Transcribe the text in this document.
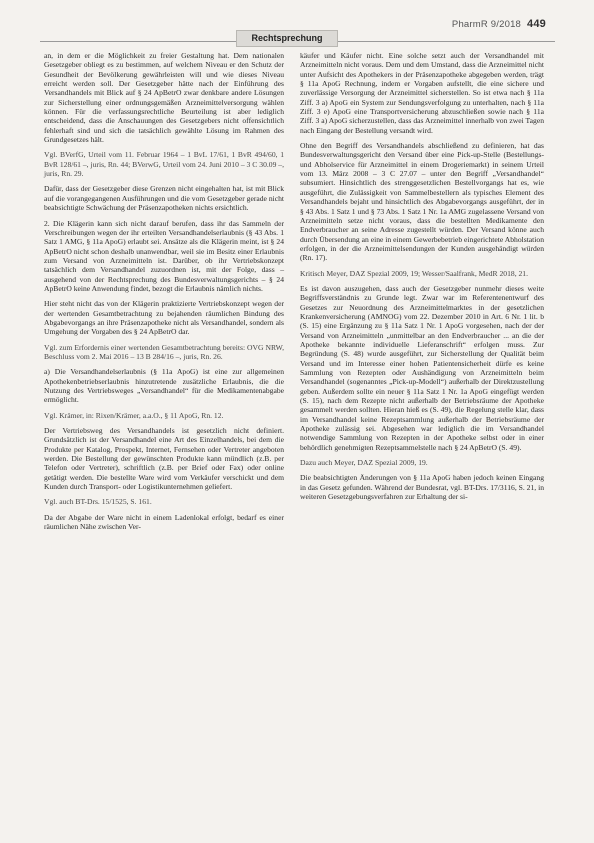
PharmR 9/2018 449
Rechtsprechung

an, in dem er die Möglichkeit zu freier Gestaltung hat. Dem nationalen Gesetzgeber obliegt es zu bestimmen, auf welchem Niveau er den Schutz der Gesundheit der Bevölkerung gewährleisten will und wie dieses Niveau erreicht werden soll. Der Gesetzgeber hätte nach der Einführung des Versandhandels mit Blick auf § 24 ApBetrO zwar denkbare andere Lösungen zur Sicherstellung einer ordnungsgemäßen Arzneimittelversorgung wählen können. Für die verfassungsrechtliche Beurteilung ist aber lediglich entscheidend, dass die Anschauungen des Gesetzgebers nicht offensichtlich fehlerhaft sind und sich die tatsächlich gewählte Lösung im Rahmen des Grundgesetzes hält.

Vgl. BVerfG, Urteil vom 11. Februar 1964 – 1 BvL 17/61, 1 BvR 494/60, 1 BvR 128/61 –, juris, Rn. 44; BVerwG, Urteil vom 24. Juni 2010 – 3 C 30.09 –, juris, Rn. 29.

Dafür, dass der Gesetzgeber diese Grenzen nicht eingehalten hat, ist mit Blick auf die vorangegangenen Ausführungen und die vom Gesetzgeber gerade nicht beabsichtigte Schwächung der Präsenzapotheken nichts ersichtlich.

2. Die Klägerin kann sich nicht darauf berufen, dass ihr das Sammeln der Verschreibungen wegen der ihr erteilten Versandhandelserlaubnis (§ 43 Abs. 1 Satz 1 AMG, § 11a ApoG) erlaubt sei. Ansätze als die Klägerin meint, ist § 24 ApBetrO nicht schon deshalb unanwendbar, weil sie im Besitz einer Erlaubnis zum Versand von Arzneimitteln ist. Darüber, ob ihr Vertriebskonzept tatsächlich dem Versandhandel zuzuordnen ist, mit der Folge, dass – ausgehend von der Rechtsprechung des Bundesverwaltungsgerichts – § 24 ApBetrO keine Anwendung findet, bezogt die Erlaubnis nämlich nichts.

Hier steht nicht das von der Klägerin praktizierte Vertriebskonzept wegen der der wertenden Gesamtbetrachtung zu bejahenden räumlichen Bindung des Abgabevorgangs an ihre Präsenzapotheke nicht als Versandhandel, sondern als Umgehung der Vorgaben des § 24 ApBetrO dar.

Vgl. zum Erfordernis einer wertenden Gesamtbetrachtung bereits: OVG NRW, Beschluss vom 2. Mai 2016 – 13 B 284/16 –, juris, Rn. 26.

a) Die Versandhandelserlaubnis (§ 11a ApoG) ist eine zur allgemeinen Apothekenbetriebserlaubnis hinzutretende zusätzliche Erlaubnis, die die Nutzung des Vertriebsweges „Versandhandel“ für die Medikamentenabgabe ermöglicht.

Vgl. Krämer, in: Rixen/Krämer, a.a.O., § 11 ApoG, Rn. 12.

Der Vertriebsweg des Versandhandels ist gesetzlich nicht definiert. Grundsätzlich ist der Versandhandel eine Art des Einzelhandels, bei dem die Produkte per Katalog, Prospekt, Internet, Fernsehen oder Vertreter angeboten werden. Die Bestellung der gewünschten Produkte kann mündlich (z.B. per Telefon oder Vertreter), schriftlich (z.B. per Brief oder Fax) oder online getätigt werden. Die bestellte Ware wird vom Verkäufer verschickt und dem Kunden durch Transport- oder Logistikunternehmen geliefert.

Vgl. auch BT-Drs. 15/1525, S. 161.

Da der Abgabe der Ware nicht in einem Ladenlokal erfolgt, bedarf es einer räumlichen Nähe zwischen Ver-

käufer und Käufer nicht. Eine solche setzt auch der Versandhandel mit Arzneimitteln nicht voraus. Dem und dem Umstand, dass die Arzneimittel nicht unter Aufsicht des Apothekers in der Präsenzapotheke abgegeben werden, trägt § 11a ApoG Rechnung, indem er Vorgaben aufstellt, die eine sichere und zuverlässige Versorgung der Arzneimittel sicherstellen. So ist etwa nach § 11a Ziff. 3 a) ApoG ein System zur Sendungsverfolgung zu unterhalten, nach § 11a Ziff. 3 e) ApoG eine Transportversicherung abzuschließen sowie nach § 11a Ziff. 3 a) ApoG sicherzustellen, dass das Arzneimittel innerhalb von zwei Tagen nach Eingang der Bestellung versandt wird.

Ohne den Begriff des Versandhandels abschließend zu definieren, hat das Bundesverwaltungsgericht den Versand über eine Pick-up-Stelle (Bestellungs- und Abholservice für Arzneimittel in einem Drogeriemarkt) in seinem Urteil vom 13. März 2008 – 3 C 27.07 – unter den Begriff „Versandhandel“ subsumiert. Hinsichtlich des strenggesetzlichen Bestellvorgangs hat es, wie ausgeführt, die Zulässigkeit von Sammelbestellern als typisches Element des Versandhandels bejaht und hinsichtlich des Abgabevorgangs ausgeführt, der in § 43 Abs. 1 Satz 1 und § 73 Abs. 1 Satz 1 Nr. 1a AMG zugelassene Versand von Arzneimitteln setze nicht voraus, dass die bestellten Medikamente den Endverbraucher an seine Adresse zugestellt würden. Der Versand könne auch durch Übersendung an eine in einem Gewerbebetrieb eingerichtete Abholstation erfolgen, in der die Arzneimittelsendungen der Kunden ausgehändigt würden (Rn. 17).

Kritisch Meyer, DAZ Spezial 2009, 19; Wesser/Saalfrank, MedR 2018, 21.

Es ist davon auszugehen, dass auch der Gesetzgeber nunmehr dieses weite Begriffsverständnis zu Grunde legt. Zwar war im Referentenentwurf des Gesetzes zur Neuordnung des Arzneimittelmarktes in der gesetzlichen Krankenversicherung (AMNOG) vom 22. Dezember 2010 in Art. 6 Nr. 1 lit. b (S. 15) eine Ergänzung zu § 11a Satz 1 Nr. 1 ApoG vorgesehen, nach der der Versand von Arzneimitteln „unmittelbar an den Endverbraucher ... an die der Apotheke bekannte individuelle Lieferanschrift“ erfolgen muss. Zur Begründung (S. 48) wurde ausgeführt, zur Sicherstellung der Qualität beim Versand und im Interesse einer hohen Patientensicherheit dürfe es keine Sammlung von Rezepten oder Aushändigung von Arzneimitteln beim Versandhandel (sogenanntes „Pick-up-Modell“) außerhalb der Direktzustellung geben. Außerdem sollte ein neuer § 11a Satz 1 Nr. 1a ApoG eingefügt werden (S. 15), nach dem Rezepte nicht außerhalb der Betriebsräume der Apotheke gesammelt werden sollten. Hieran hieß es (S. 49), die Regelung stelle klar, dass im Versandhandel keine Rezeptsammlung außerhalb der Betriebsräume der Apotheke zulässig sei. Abgesehen war lediglich die im Versandhandel notwendige Sammlung von Rezepten in der Apotheke selbst oder in einer behördlich genehmigten Rezeptsammelstelle nach § 24 ApBetrO (S. 49).

Dazu auch Meyer, DAZ Spezial 2009, 19.

Die beabsichtigten Änderungen von § 11a ApoG haben jedoch keinen Eingang in das Gesetz gefunden. Während der Bundesrat, vgl. BT-Drs. 17/3116, S. 21, in weiteren Gesetzgebungsverfahren zur Erhaltung der si-
